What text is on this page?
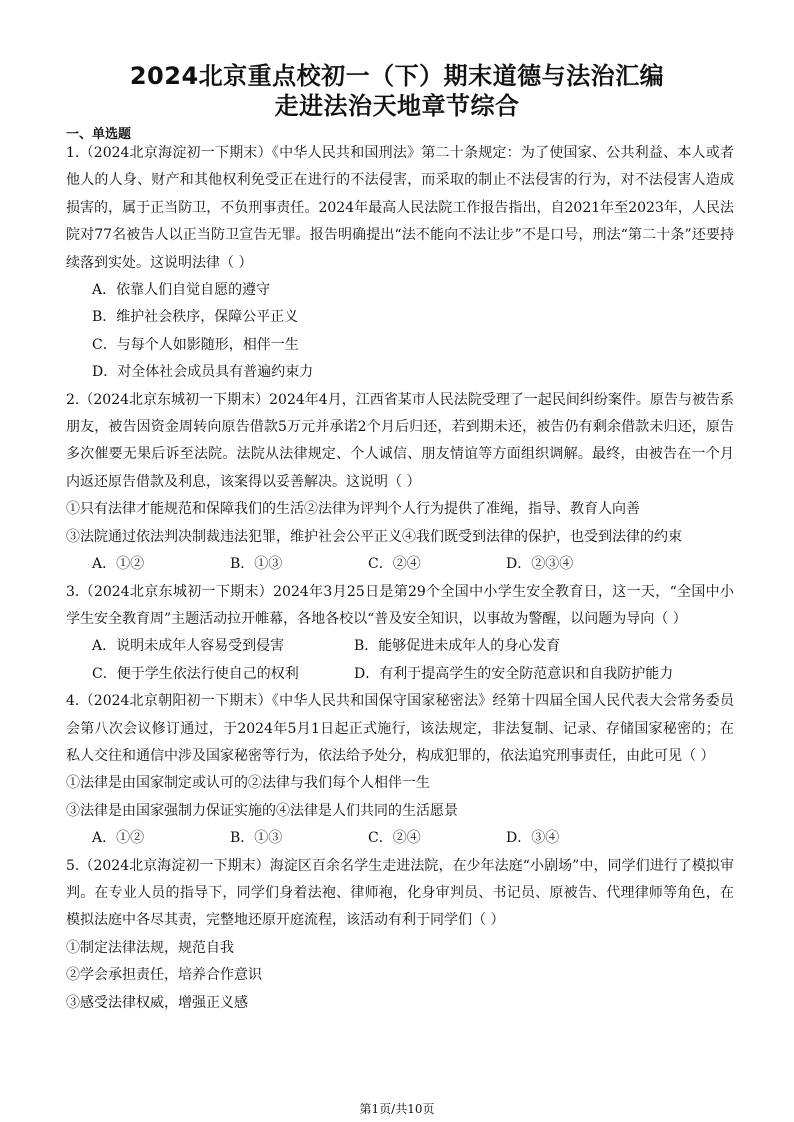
2024北京重点校初一（下）期末道德与法治汇编
走进法治天地章节综合
一、单选题

1.（2024北京海淀初一下期末）《中华人民共和国刑法》第二十条规定：为了使国家、公共利益、本人或者他人的人身、财产和其他权利免受正在进行的不法侵害，而采取的制止不法侵害的行为，对不法侵害人造成损害的，属于正当防卫，不负刑事责任。2024年最高人民法院工作报告指出，自2021年至2023年，人民法院对77名被告人以正当防卫宣告无罪。报告明确提出“法不能向不法让步”不是口号，刑法“第二十条”还要持续落到实处。这说明法律（ ）

A．依靠人们自觉自愿的遵守

B．维护社会秩序，保障公平正义

C．与每个人如影随形，相伴一生

D．对全体社会成员具有普遍约束力

2.（2024北京东城初一下期末）2024年4月，江西省某市人民法院受理了一起民间纠纷案件。原告与被告系朋友，被告因资金周转向原告借款5万元并承诺2个月后归还，若到期未还，被告仍有剩余借款未归还，原告多次催要无果后诉至法院。法院从法律规定、个人诚信、朋友情谊等方面组织调解。最终，由被告在一个月内返还原告借款及利息，该案得以妥善解决。这说明（ ）

①只有法律才能规范和保障我们的生活②法律为评判个人行为提供了准绳，指导、教育人向善

③法院通过依法判决制裁违法犯罪，维护社会公平正义④我们既受到法律的保护，也受到法律的约束

A．①②	B．①③	C．②④	D．②③④

3.（2024北京东城初一下期末）2024年3月25日是第29个全国中小学生安全教育日，这一天，“全国中小学生安全教育周”主题活动拉开帷幕，各地各校以“普及安全知识，以事故为警醒，以问题为导向（ ）

A．说明未成年人容易受到侵害	B．能够促进未成年人的身心发育
C．便于学生依法行使自己的权利	D．有利于提高学生的安全防范意识和自我防护能力

4.（2024北京朝阳初一下期末）《中华人民共和国保守国家秘密法》经第十四届全国人民代表大会常务委员会第八次会议修订通过，于2024年5月1日起正式施行，该法规定，非法复制、记录、存储国家秘密的；在私人交往和通信中涉及国家秘密等行为，依法给予处分，构成犯罪的，依法追究刑事责任，由此可见（ ）

①法律是由国家制定或认可的②法律与我们每个人相伴一生

③法律是由国家强制力保证实施的④法律是人们共同的生活愿景

A．①②	B．①③	C．②④	D．③④

5.（2024北京海淀初一下期末）海淀区百余名学生走进法院，在少年法庭“小剧场”中，同学们进行了模拟审判。在专业人员的指导下，同学们身着法袍、律师袍，化身审判员、书记员、原被告、代理律师等角色，在模拟法庭中各尽其责，完整地还原开庭流程，该活动有利于同学们（ ）

①制定法律法规，规范自我

②学会承担责任，培养合作意识

③感受法律权威，增强正义感

第1页/共10页
